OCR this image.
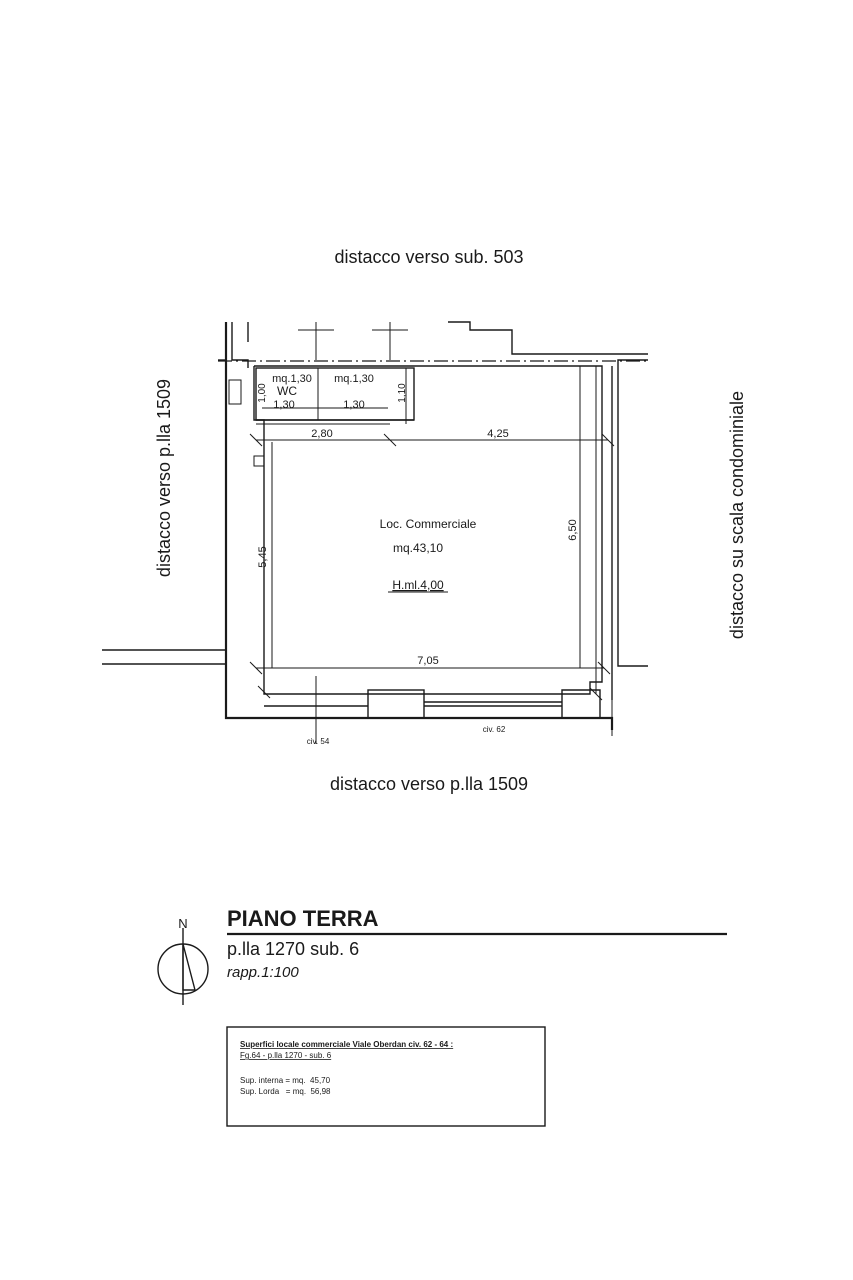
distacco verso sub. 503
distacco verso p.lla 1509
distacco verso p.lla 1509	distacco su scala condominiale
Loc. Commerciale
mq.43,10
H.ml.4,00
mq.1,30 mq.1,30
WC
1,30	1,30
1,00	1,10
2,80	4,25
7,05
5,45
6,50
civ. 54
civ. 62
N PIANO TERRA
p.lla 1270 sub. 6
rapp.1:100
Superfici locale commerciale Viale Oberdan civ. 62 - 64 :
Fg.64 - p.lla 1270 - sub. 6
Sup. interna = mq.  45,70
Sup. Lorda   = mq.  56,98
